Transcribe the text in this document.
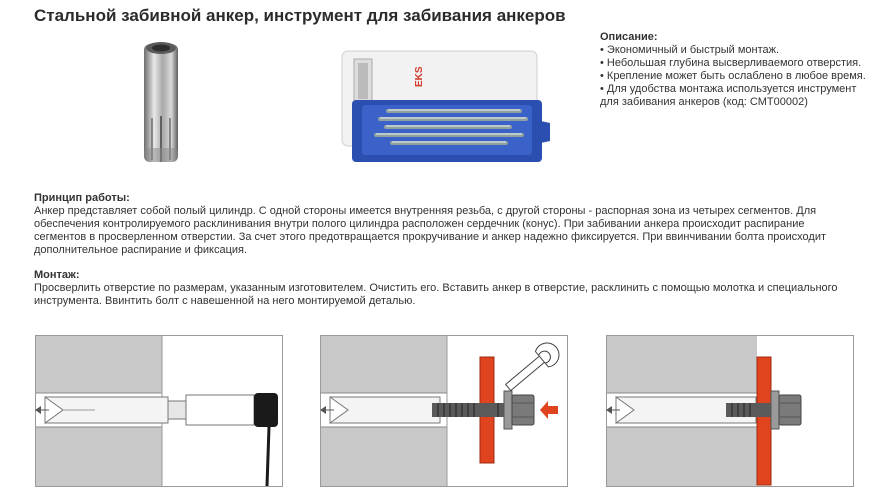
Стальной забивной анкер, инструмент для забивания анкеров
EKS
Описание:
• Экономичный и быстрый монтаж.
• Небольшая глубина высверливаемого отверстия.
• Крепление может быть ослаблено в любое время.
• Для удобства монтажа используется инструмент для забивания анкеров (код: СМТ00002)
Принцип работы:
Анкер представляет собой полый цилиндр. С одной стороны имеется внутренняя резьба, с другой стороны - распорная зона из четырех сегментов. Для обеспечения контролируемого расклинивания внутри полого цилиндра расположен сердечник (конус). При забивании анкера происходит распирание сегментов в просверленном отверстии. За счет этого предотвращается прокручивание и анкер надежно фиксируется. При ввинчивании болта происходит дополнительное распирание и фиксация.
Монтаж:
Просверлить отверстие по размерам, указанным изготовителем. Очистить его. Вставить анкер в отверстие, расклинить с помощью молотка и специального инструмента. Ввинтить болт с навешенной на него монтируемой деталью.
